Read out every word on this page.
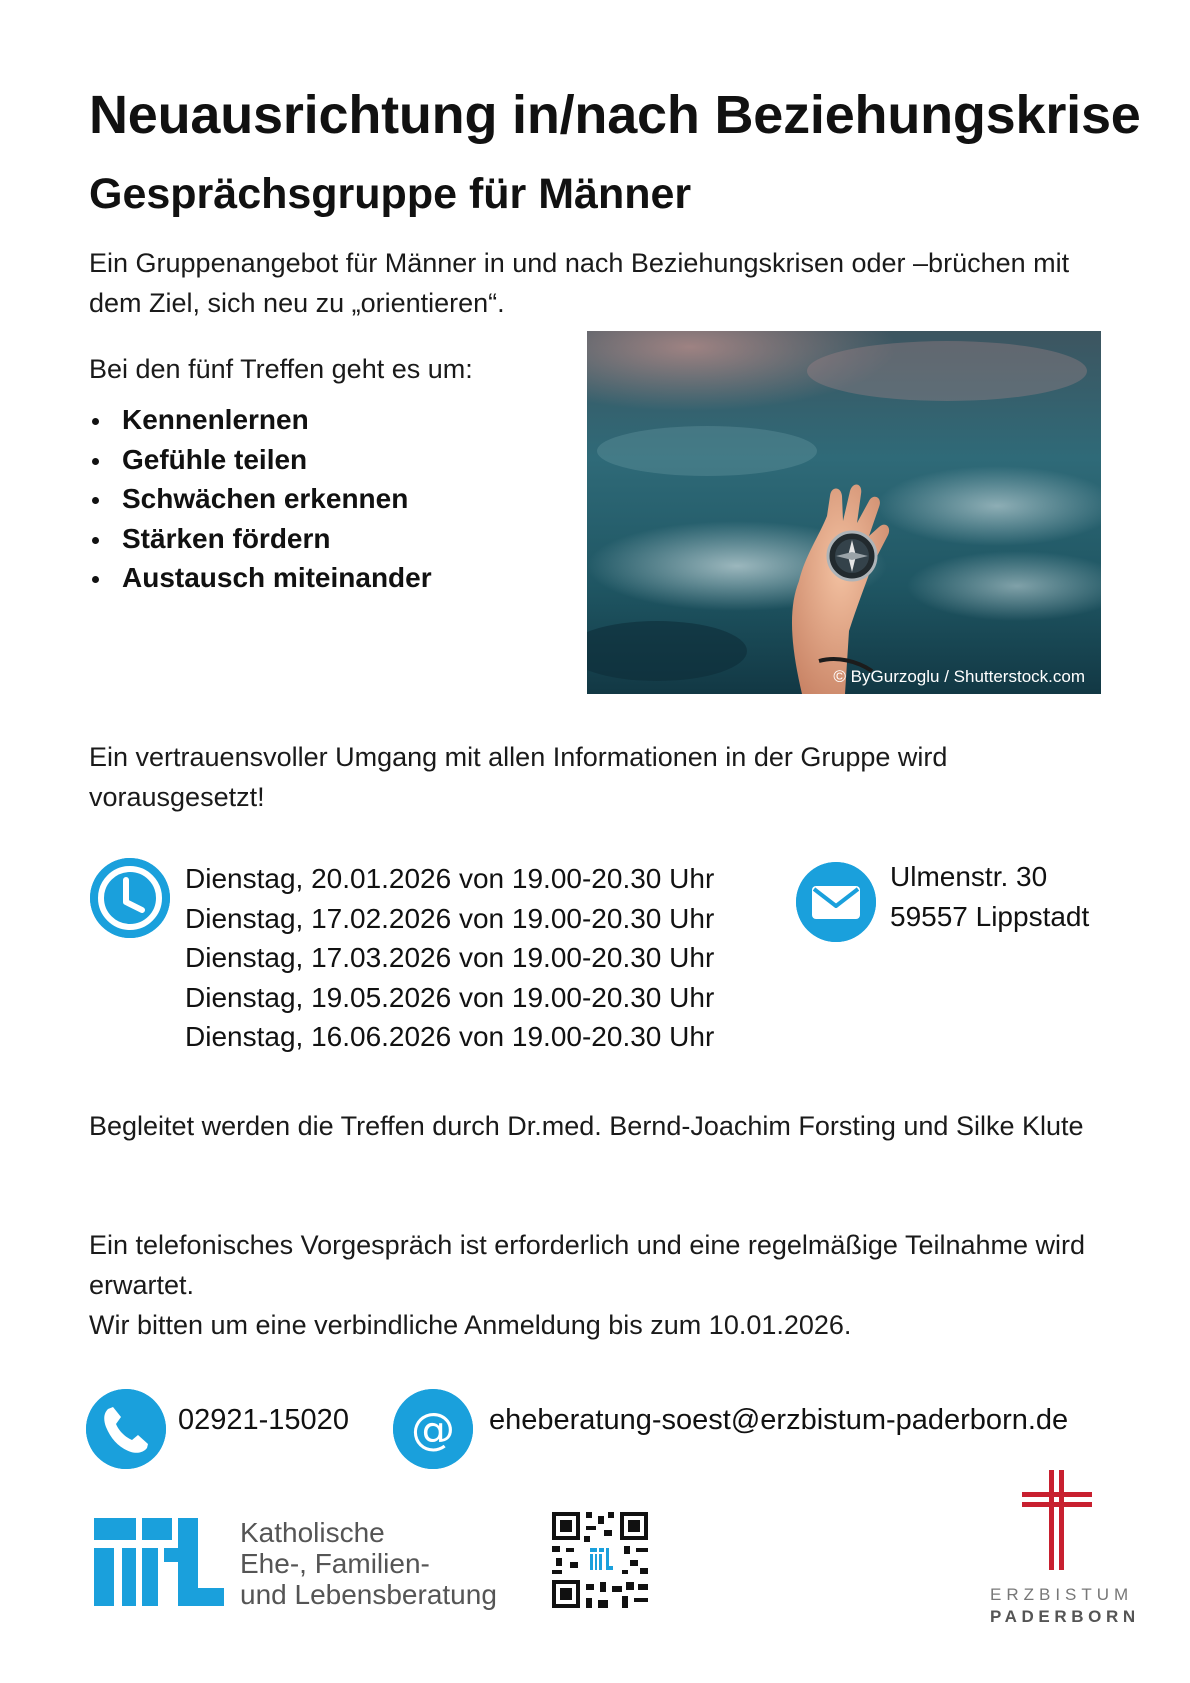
Neuausrichtung in/nach Beziehungskrise
Gesprächsgruppe für Männer

Ein Gruppenangebot für Männer in und nach Beziehungskrisen oder –brüchen mit dem Ziel, sich neu zu „orientieren“.

Bei den fünf Treffen geht es um:

Kennenlernen
Gefühle teilen
Schwächen erkennen
Stärken fördern
Austausch miteinander
© ByGurzoglu / Shutterstock.com

Ein vertrauensvoller Umgang mit allen Informationen in der Gruppe wird vorausgesetzt!

Dienstag, 20.01.2026 von 19.00-20.30 Uhr
Dienstag, 17.02.2026 von 19.00-20.30 Uhr
Dienstag, 17.03.2026 von 19.00-20.30 Uhr
Dienstag, 19.05.2026 von 19.00-20.30 Uhr
Dienstag, 16.06.2026 von 19.00-20.30 Uhr
Ulmenstr. 30
59557 Lippstadt

Begleitet werden die Treffen durch Dr.med. Bernd-Joachim Forsting und Silke Klute

Ein telefonisches Vorgespräch ist erforderlich und eine regelmäßige Teilnahme wird erwartet.
Wir bitten um eine verbindliche Anmeldung bis zum 10.01.2026.
02921-15020 @ eheberatung-soest@erzbistum-paderborn.de
Katholische
Ehe-, Familien-
und Lebensberatung	ERZBISTUM
PADERBORN
